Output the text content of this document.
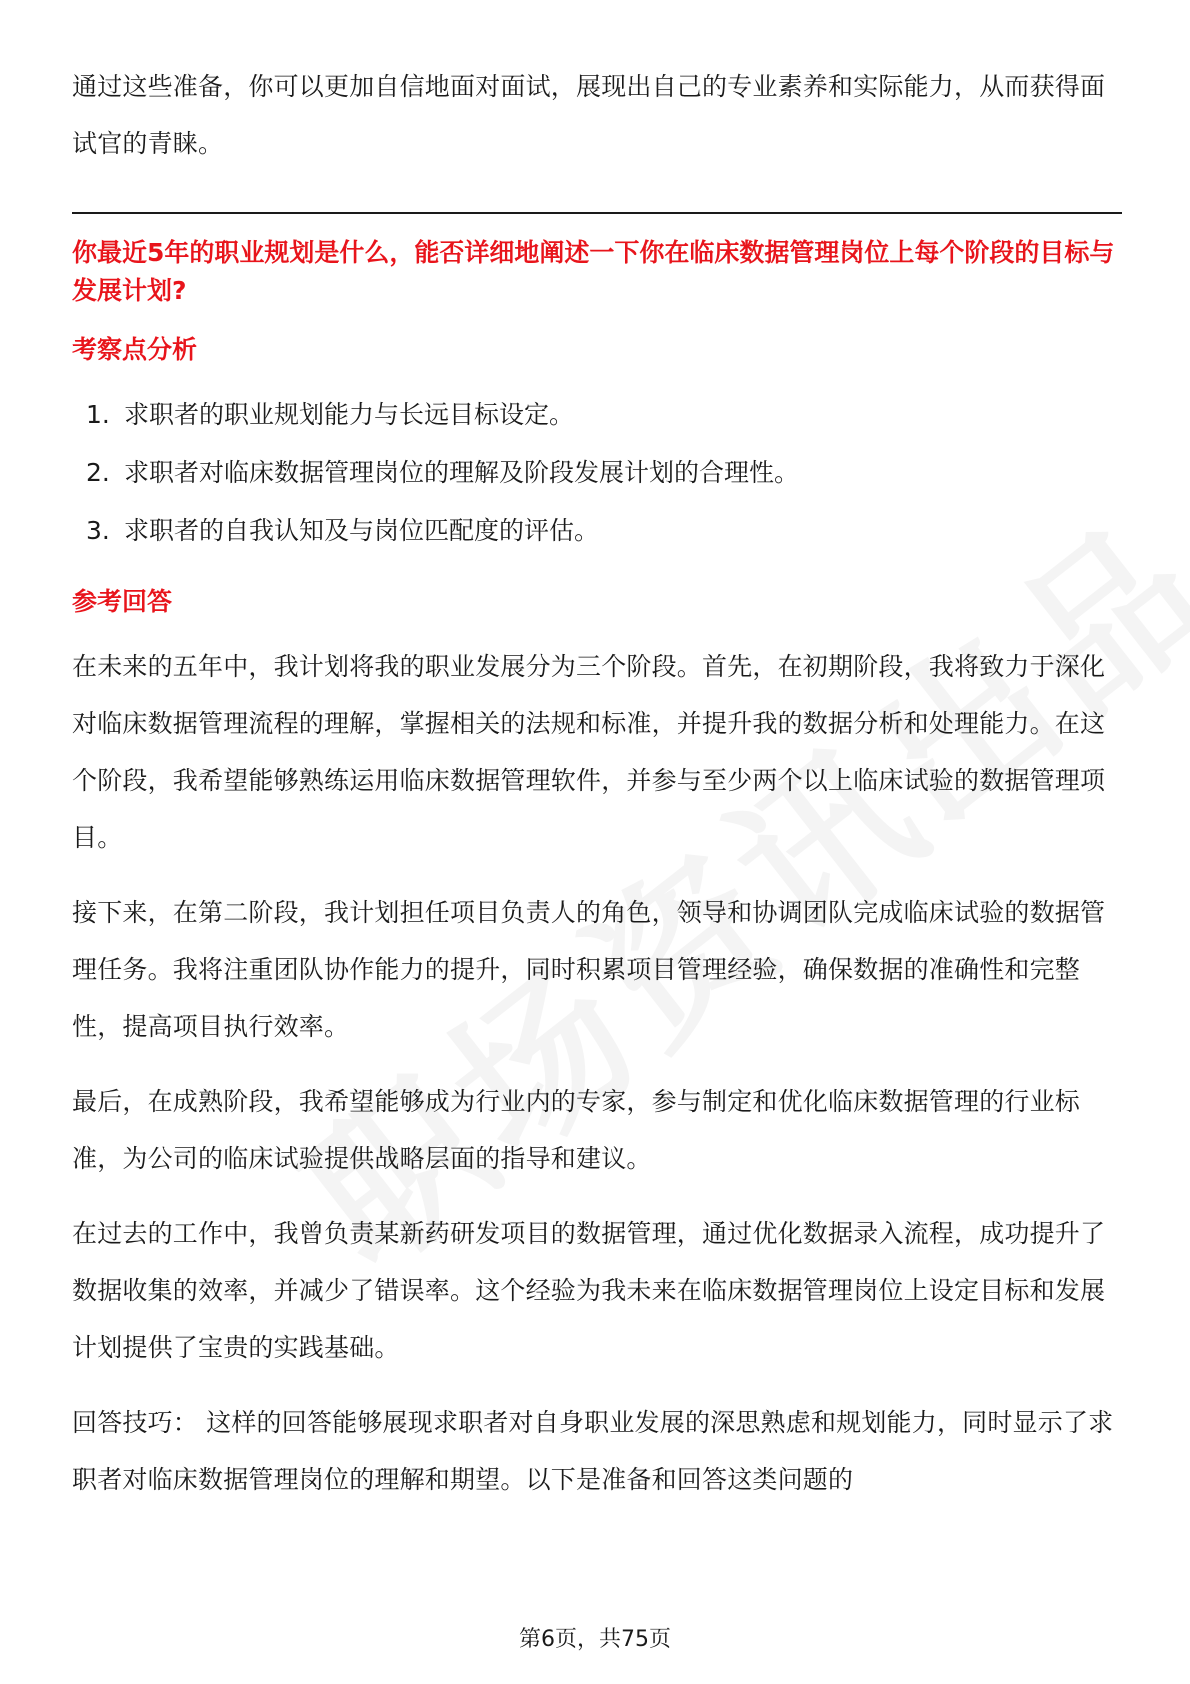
通过这些准备，你可以更加自信地面对面试，展现出自己的专业素养和实际能力，从而获得面试官的青睐。

你最近5年的职业规划是什么，能否详细地阐述一下你在临床数据管理岗位上每个阶段的目标与发展计划?

考察点分析
1. 求职者的职业规划能力与长远目标设定。
2. 求职者对临床数据管理岗位的理解及阶段发展计划的合理性。
3. 求职者的自我认知及与岗位匹配度的评估。
参考回答

在未来的五年中，我计划将我的职业发展分为三个阶段。首先，在初期阶段，我将致力于深化对临床数据管理流程的理解，掌握相关的法规和标准，并提升我的数据分析和处理能力。在这个阶段，我希望能够熟练运用临床数据管理软件，并参与至少两个以上临床试验的数据管理项目。

接下来，在第二阶段，我计划担任项目负责人的角色，领导和协调团队完成临床试验的数据管理任务。我将注重团队协作能力的提升，同时积累项目管理经验，确保数据的准确性和完整性，提高项目执行效率。

最后，在成熟阶段，我希望能够成为行业内的专家，参与制定和优化临床数据管理的行业标准，为公司的临床试验提供战略层面的指导和建议。

在过去的工作中，我曾负责某新药研发项目的数据管理，通过优化数据录入流程，成功提升了数据收集的效率，并减少了错误率。这个经验为我未来在临床数据管理岗位上设定目标和发展计划提供了宝贵的实践基础。

回答技巧： 这样的回答能够展现求职者对自身职业发展的深思熟虑和规划能力，同时显示了求职者对临床数据管理岗位的理解和期望。以下是准备和回答这类问题的

第6页，共75页
